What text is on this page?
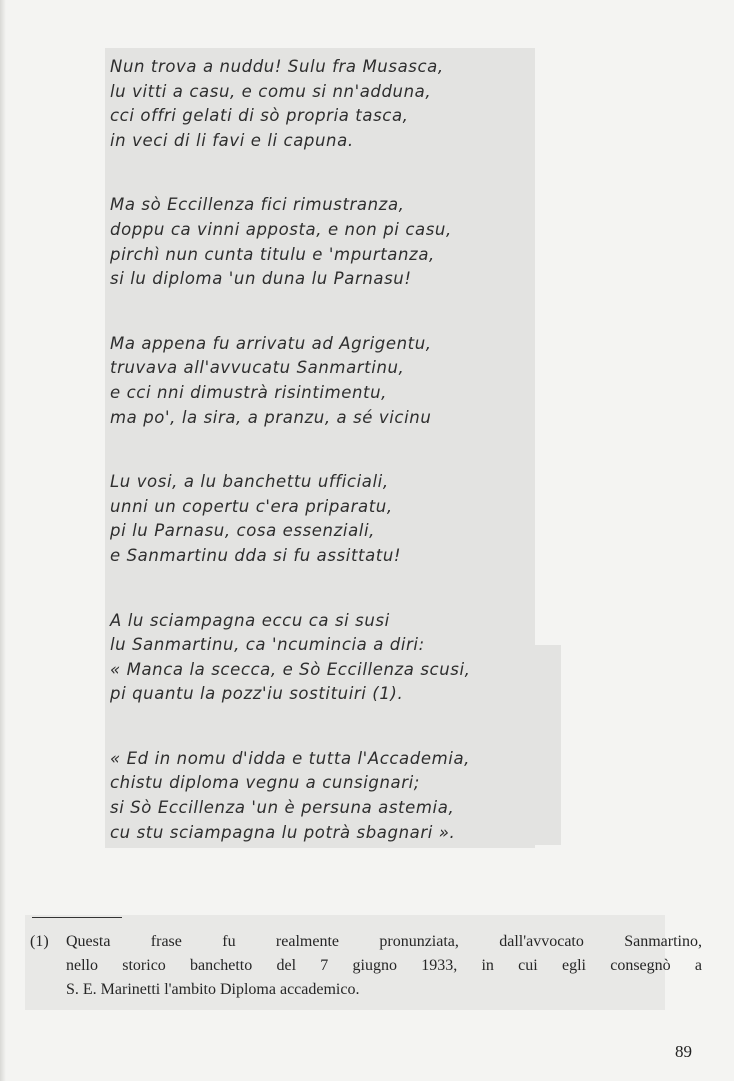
Nun trova a nuddu! Sulu fra Musasca,
lu vitti a casu, e comu si nn'adduna,
cci offri gelati di sò propria tasca,
in veci di li favi e li capuna.
Ma sò Eccillenza fici rimustranza,
doppu ca vinni apposta, e non pi casu,
pirchì nun cunta titulu e 'mpurtanza,
si lu diploma 'un duna lu Parnasu!
Ma appena fu arrivatu ad Agrigentu,
truvava all'avvucatu Sanmartinu,
e cci nni dimustrà risintimentu,
ma po', la sira, a pranzu, a sé vicinu
Lu vosi, a lu banchettu ufficiali,
unni un copertu c'era priparatu,
pi lu Parnasu, cosa essenziali,
e Sanmartinu dda si fu assittatu!
A lu sciampagna eccu ca si susi
lu Sanmartinu, ca 'ncumincia a diri:
« Manca la scecca, e Sò Eccillenza scusi,
pi quantu la pozz'iu sostituiri (1).
« Ed in nomu d'idda e tutta l'Accademia,
chistu diploma vegnu a cunsignari;
si Sò Eccillenza 'un è persuna astemia,
cu stu sciampagna lu potrà sbagnari ».
(1)	Questa frase fu realmente pronunziata, dall'avvocato Sanmartino,
nello storico banchetto del 7 giugno 1933, in cui egli consegnò a
S. E. Marinetti l'ambito Diploma accademico.
89
